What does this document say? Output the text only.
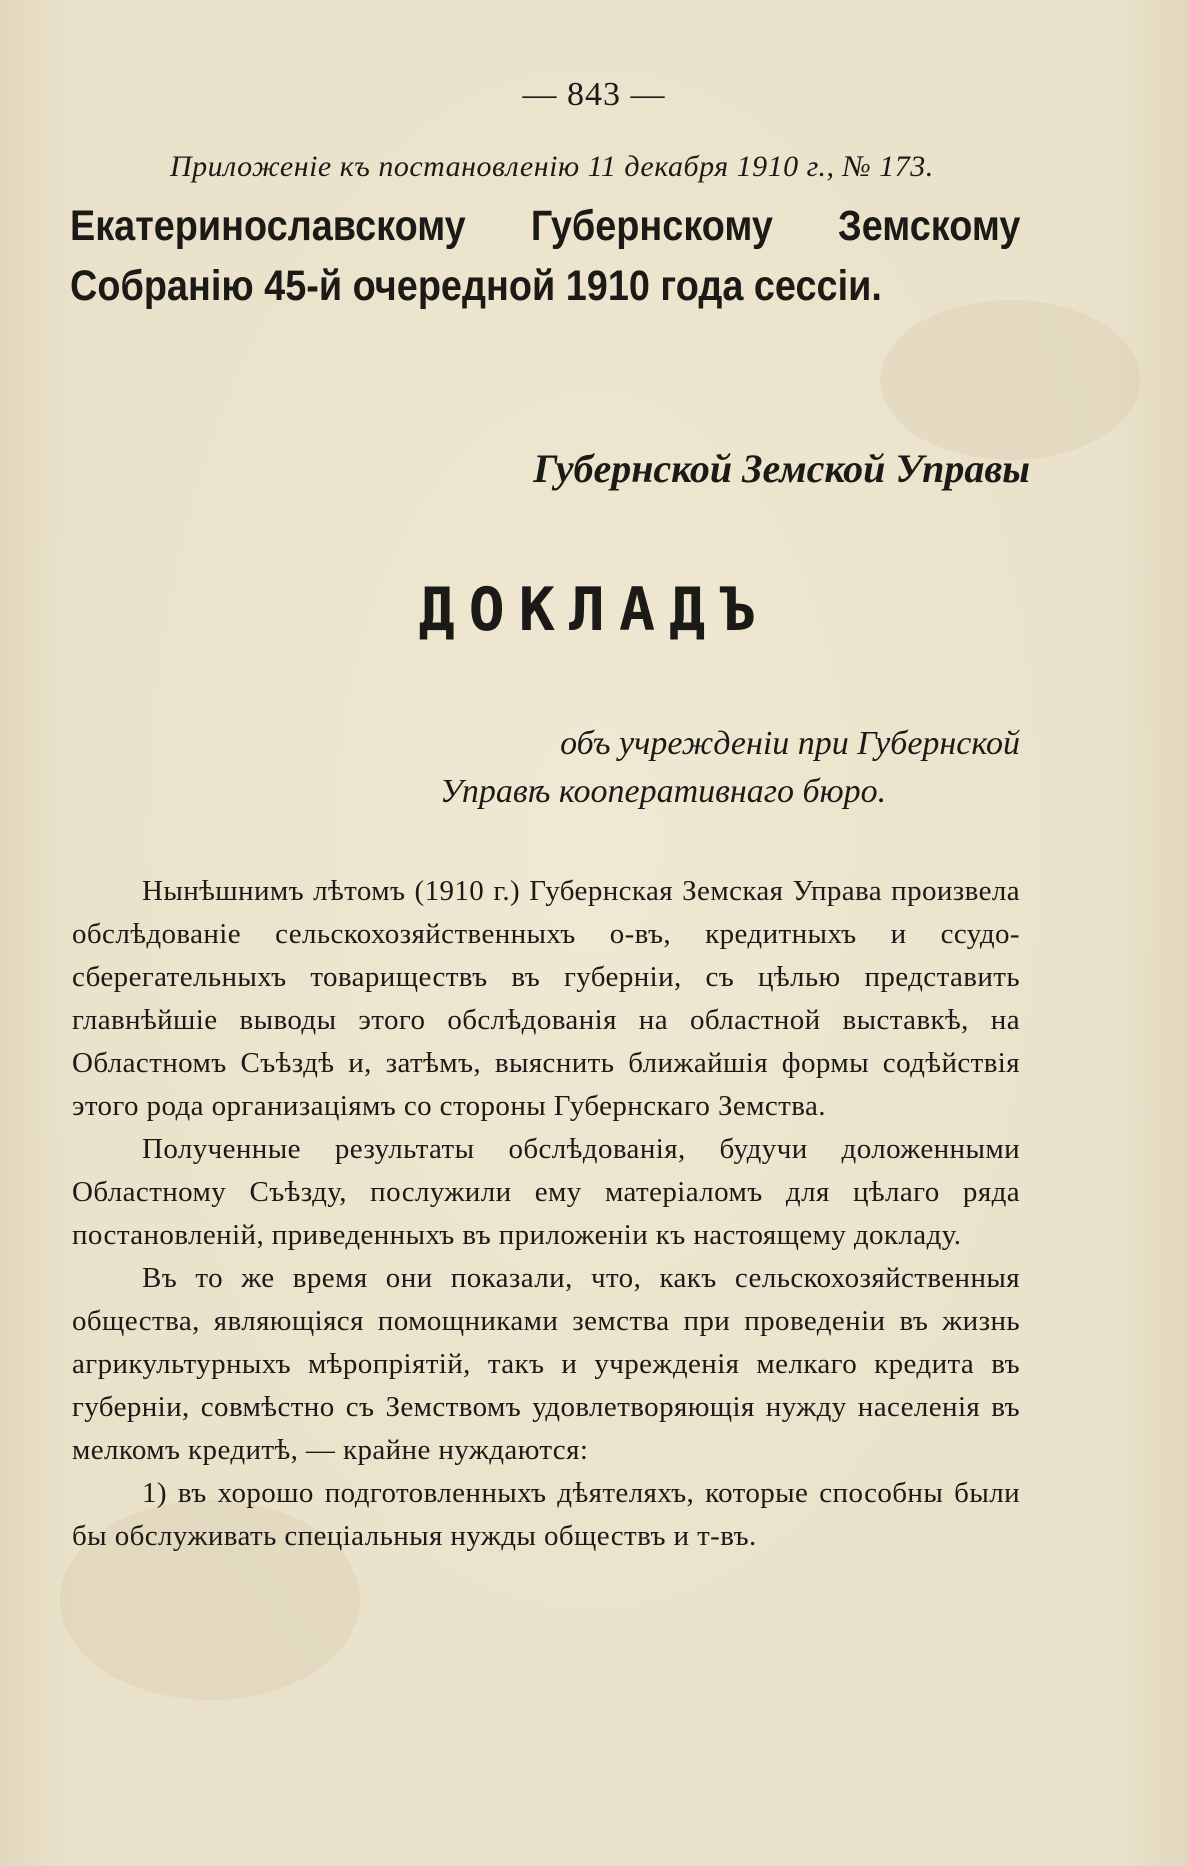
— 843 —
Приложеніе къ постановленію 11 декабря 1910 г., № 173.
Екатеринославскому Губернскому Земскому Собранію 45-й очередной 1910 года сессіи.
Губернской Земской Управы
ДОКЛАДЪ
объ учрежденіи при Губернской
Управѣ кооперативнаго бюро.

Нынѣшнимъ лѣтомъ (1910 г.) Губернская Земская Управа произвела обслѣдованіе сельскохозяйственныхъ о-въ, кредитныхъ и ссудо-сберегательныхъ товариществъ въ губерніи, съ цѣлью представить главнѣйшіе выводы этого обслѣдованія на областной выставкѣ, на Областномъ Съѣздѣ и, затѣмъ, выяснить ближайшія формы содѣйствія этого рода организаціямъ со стороны Губернскаго Земства.

Полученные результаты обслѣдованія, будучи доложенными Областному Съѣзду, послужили ему матеріаломъ для цѣлаго ряда постановленій, приведенныхъ въ приложеніи къ настоящему докладу.

Въ то же время они показали, что, какъ сельскохозяйственныя общества, являющіяся помощниками земства при проведеніи въ жизнь агрикультурныхъ мѣропріятій, такъ и учрежденія мелкаго кредита въ губерніи, совмѣстно съ Земствомъ удовлетворяющія нужду населенія въ мелкомъ кредитѣ, — крайне нуждаются:

1) въ хорошо подготовленныхъ дѣятеляхъ, которые способны были бы обслуживать спеціальныя нужды обществъ и т-въ.
